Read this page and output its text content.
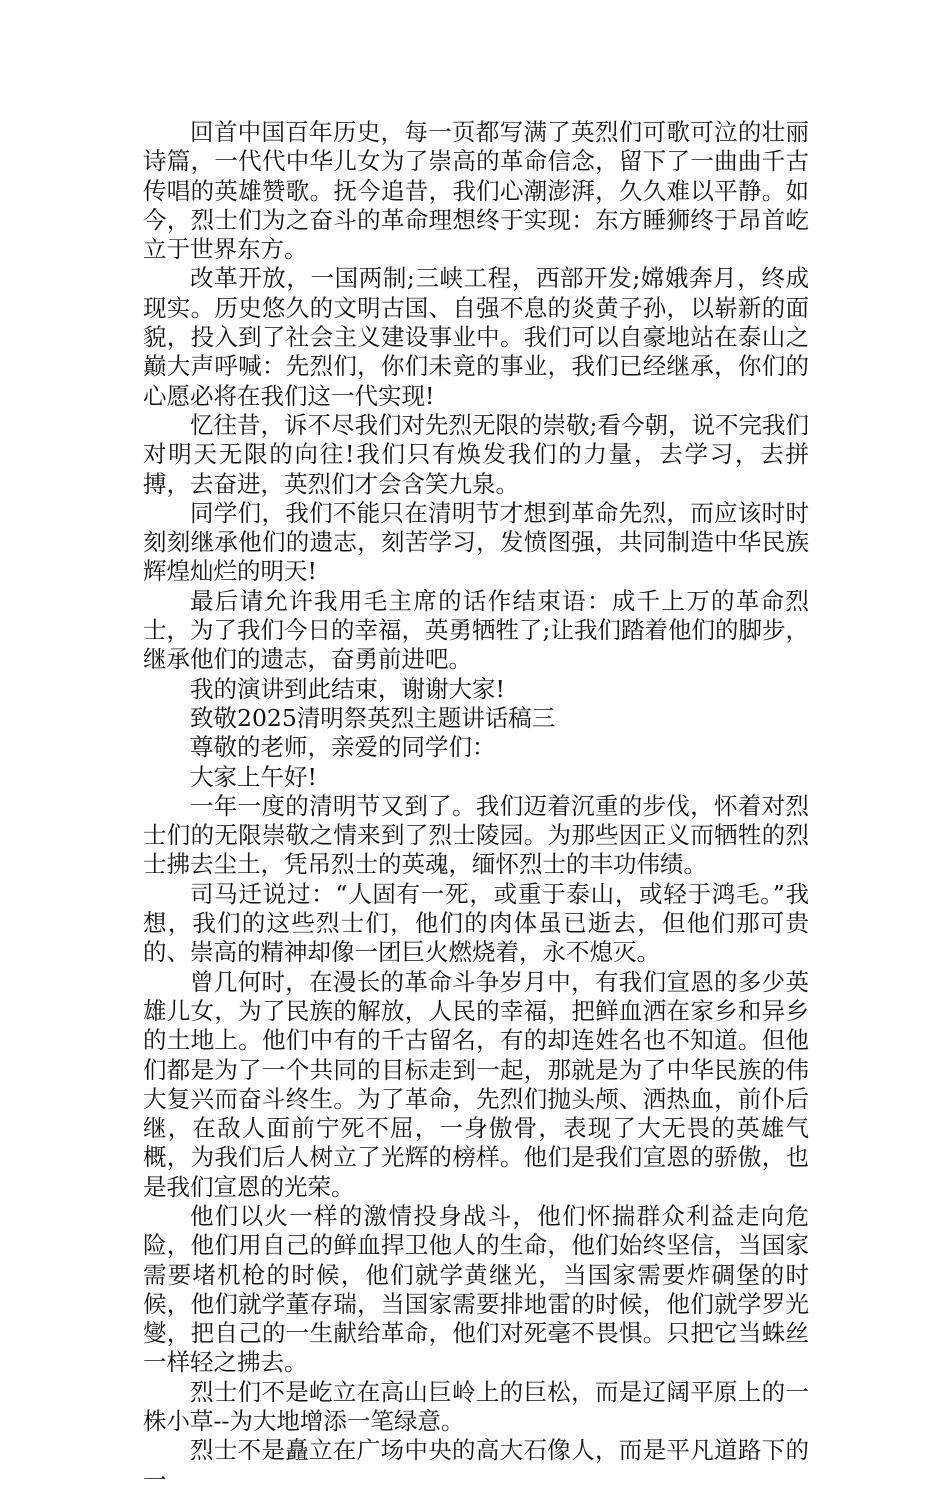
回首中国百年历史，每一页都写满了英烈们可歌可泣的壮丽诗篇，一代代中华儿女为了崇高的革命信念，留下了一曲曲千古传唱的英雄赞歌。抚今追昔，我们心潮澎湃，久久难以平静。如今，烈士们为之奋斗的革命理想终于实现：东方睡狮终于昂首屹立于世界东方。

改革开放，一国两制;三峡工程，西部开发;嫦娥奔月，终成现实。历史悠久的文明古国、自强不息的炎黄子孙，以崭新的面貌，投入到了社会主义建设事业中。我们可以自豪地站在泰山之巅大声呼喊：先烈们，你们未竟的事业，我们已经继承，你们的心愿必将在我们这一代实现!

忆往昔，诉不尽我们对先烈无限的崇敬;看今朝，说不完我们对明天无限的向往!我们只有焕发我们的力量，去学习，去拼搏，去奋进，英烈们才会含笑九泉。

同学们，我们不能只在清明节才想到革命先烈，而应该时时刻刻继承他们的遗志，刻苦学习，发愤图强，共同制造中华民族辉煌灿烂的明天!

最后请允许我用毛主席的话作结束语：成千上万的革命烈士，为了我们今日的幸福，英勇牺牲了;让我们踏着他们的脚步，继承他们的遗志，奋勇前进吧。

我的演讲到此结束，谢谢大家!

致敬2025清明祭英烈主题讲话稿三

尊敬的老师，亲爱的同学们：

大家上午好!

一年一度的清明节又到了。我们迈着沉重的步伐，怀着对烈士们的无限崇敬之情来到了烈士陵园。为那些因正义而牺牲的烈士拂去尘土，凭吊烈士的英魂，缅怀烈士的丰功伟绩。

司马迁说过：“人固有一死，或重于泰山，或轻于鸿毛。”我想，我们的这些烈士们，他们的肉体虽已逝去，但他们那可贵的、崇高的精神却像一团巨火燃烧着，永不熄灭。

曾几何时，在漫长的革命斗争岁月中，有我们宣恩的多少英雄儿女，为了民族的解放，人民的幸福，把鲜血洒在家乡和异乡的土地上。他们中有的千古留名，有的却连姓名也不知道。但他们都是为了一个共同的目标走到一起，那就是为了中华民族的伟大复兴而奋斗终生。为了革命，先烈们抛头颅、洒热血，前仆后继，在敌人面前宁死不屈，一身傲骨，表现了大无畏的英雄气概，为我们后人树立了光辉的榜样。他们是我们宣恩的骄傲，也是我们宣恩的光荣。

他们以火一样的激情投身战斗，他们怀揣群众利益走向危险，他们用自己的鲜血捍卫他人的生命，他们始终坚信，当国家需要堵机枪的时候，他们就学黄继光，当国家需要炸碉堡的时候，他们就学董存瑞，当国家需要排地雷的时候，他们就学罗光燮，把自己的一生献给革命，他们对死毫不畏惧。只把它当蛛丝一样轻之拂去。

烈士们不是屹立在高山巨岭上的巨松，而是辽阔平原上的一株小草--为大地增添一笔绿意。

烈士不是矗立在广场中央的高大石像人，而是平凡道路下的一
